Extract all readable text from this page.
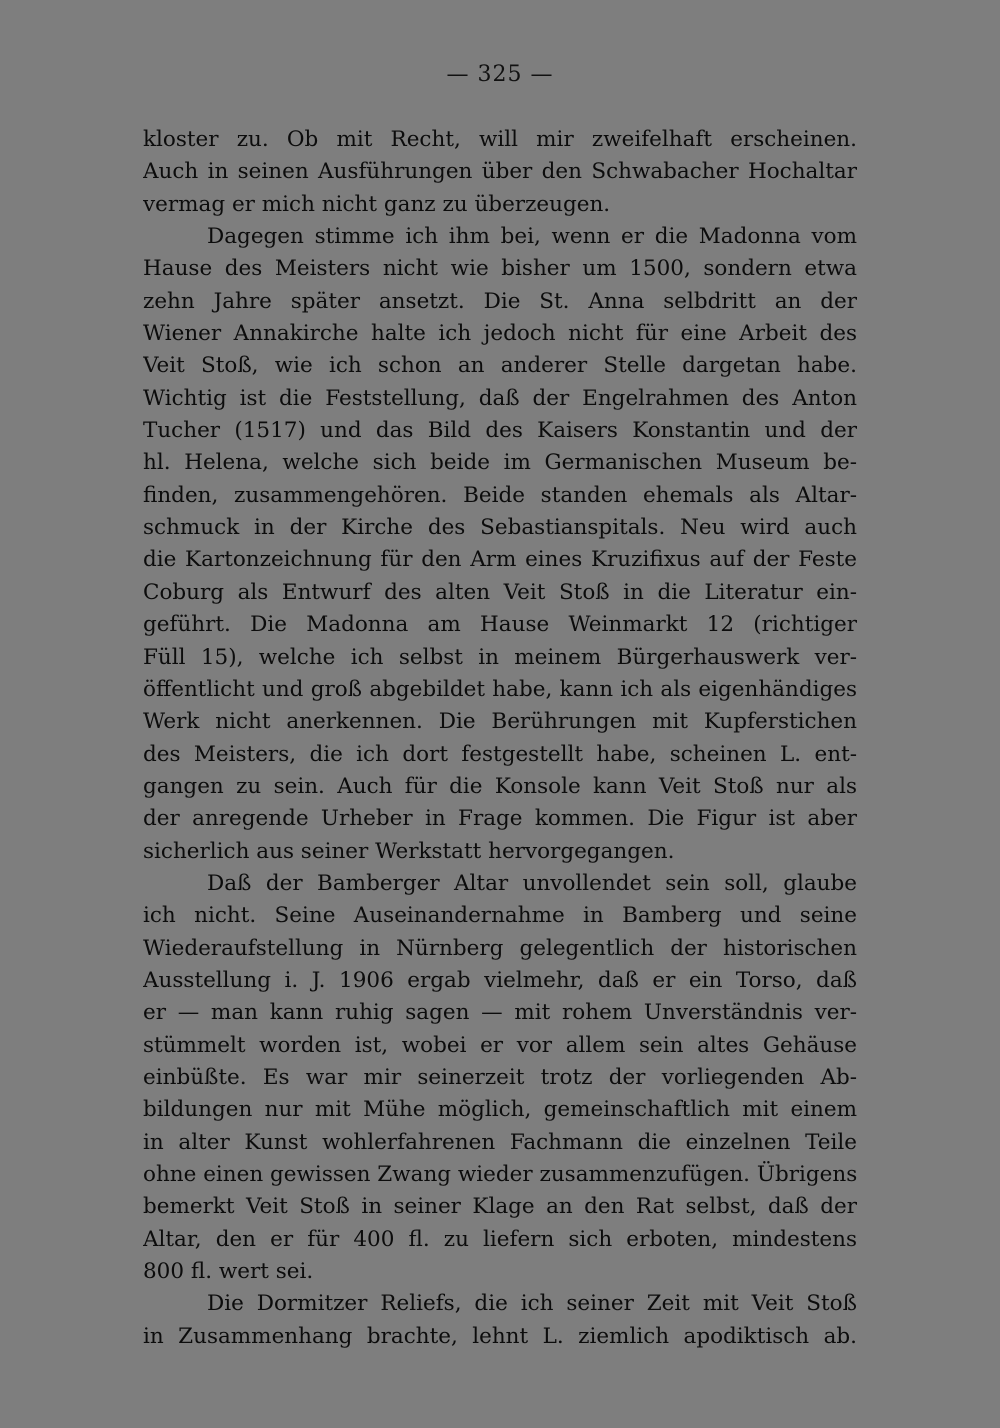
— 325 —
kloster zu. Ob mit Recht, will mir zweifelhaft erscheinen.
Auch in seinen Ausführungen über den Schwabacher Hochaltar
vermag er mich nicht ganz zu überzeugen.
Dagegen stimme ich ihm bei, wenn er die Madonna vom
Hause des Meisters nicht wie bisher um 1500, sondern etwa
zehn Jahre später ansetzt. Die St. Anna selbdritt an der
Wiener Annakirche halte ich jedoch nicht für eine Arbeit des
Veit Stoß, wie ich schon an anderer Stelle dargetan habe.
Wichtig ist die Feststellung, daß der Engelrahmen des Anton
Tucher (1517) und das Bild des Kaisers Konstantin und der
hl. Helena, welche sich beide im Germanischen Museum be-
finden, zusammengehören. Beide standen ehemals als Altar-
schmuck in der Kirche des Sebastianspitals. Neu wird auch
die Kartonzeichnung für den Arm eines Kruzifixus auf der Feste
Coburg als Entwurf des alten Veit Stoß in die Literatur ein-
geführt. Die Madonna am Hause Weinmarkt 12 (richtiger
Füll 15), welche ich selbst in meinem Bürgerhauswerk ver-
öffentlicht und groß abgebildet habe, kann ich als eigenhändiges
Werk nicht anerkennen. Die Berührungen mit Kupferstichen
des Meisters, die ich dort festgestellt habe, scheinen L. ent-
gangen zu sein. Auch für die Konsole kann Veit Stoß nur als
der anregende Urheber in Frage kommen. Die Figur ist aber
sicherlich aus seiner Werkstatt hervorgegangen.
Daß der Bamberger Altar unvollendet sein soll, glaube
ich nicht. Seine Auseinandernahme in Bamberg und seine
Wiederaufstellung in Nürnberg gelegentlich der historischen
Ausstellung i. J. 1906 ergab vielmehr, daß er ein Torso, daß
er — man kann ruhig sagen — mit rohem Unverständnis ver-
stümmelt worden ist, wobei er vor allem sein altes Gehäuse
einbüßte. Es war mir seinerzeit trotz der vorliegenden Ab-
bildungen nur mit Mühe möglich, gemeinschaftlich mit einem
in alter Kunst wohlerfahrenen Fachmann die einzelnen Teile
ohne einen gewissen Zwang wieder zusammenzufügen. Übrigens
bemerkt Veit Stoß in seiner Klage an den Rat selbst, daß der
Altar, den er für 400 fl. zu liefern sich erboten, mindestens
800 fl. wert sei.
Die Dormitzer Reliefs, die ich seiner Zeit mit Veit Stoß
in Zusammenhang brachte, lehnt L. ziemlich apodiktisch ab.
